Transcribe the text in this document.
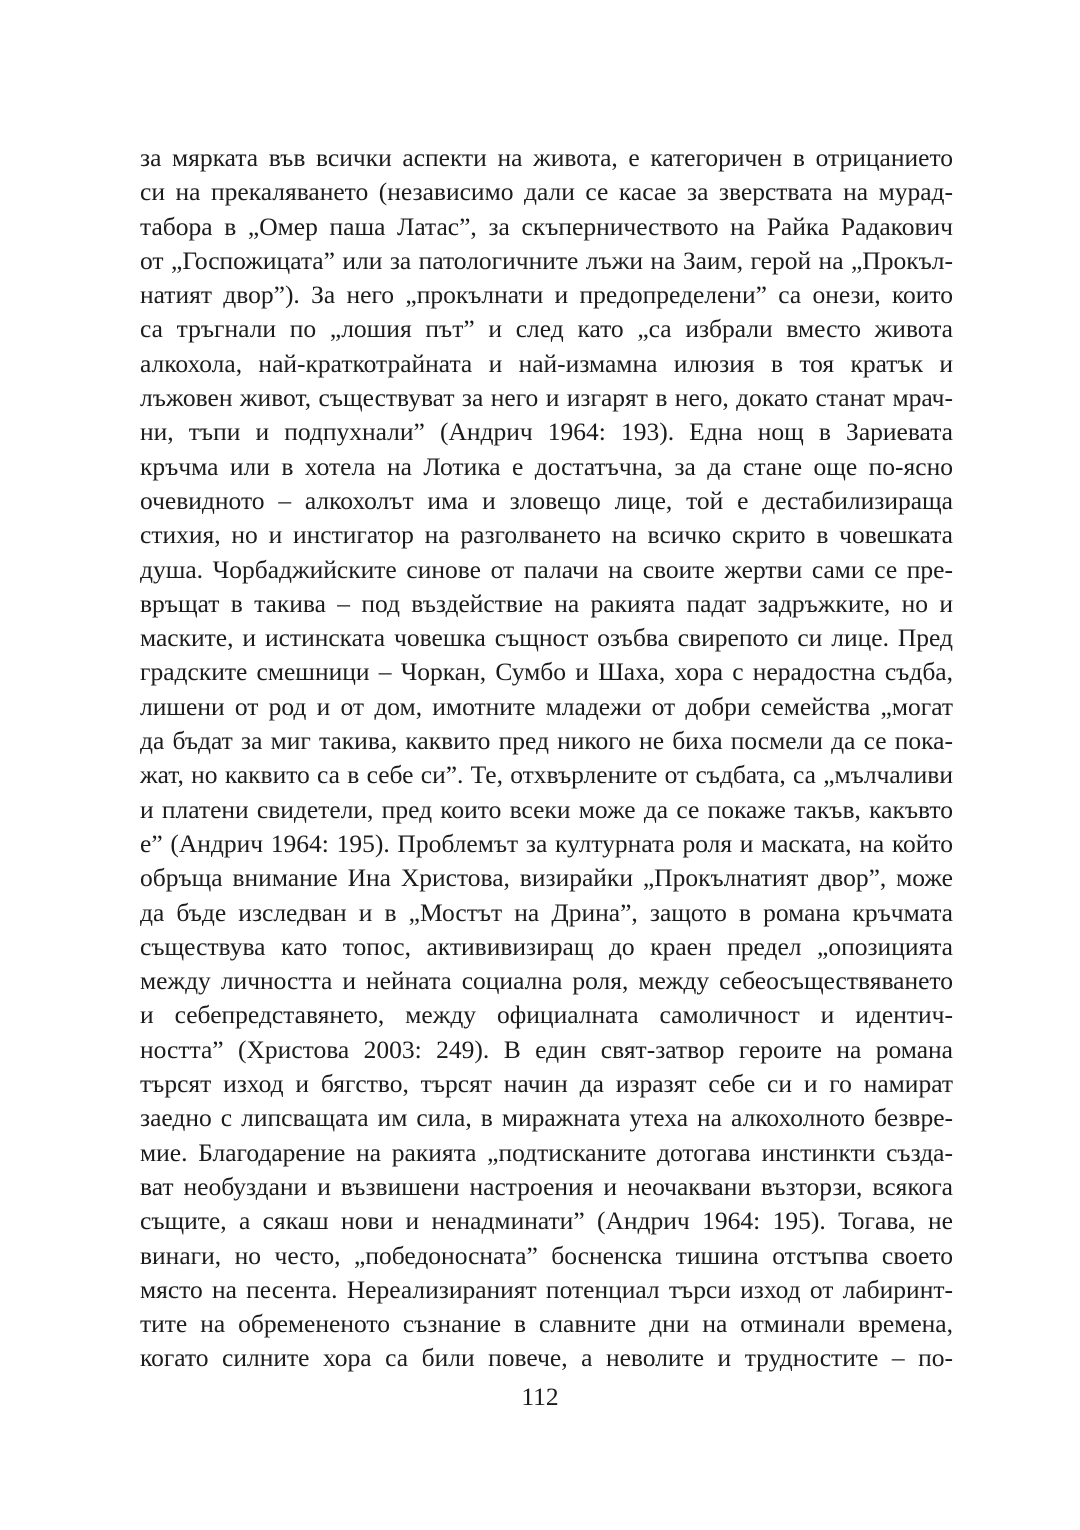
за мярката във всички аспекти на живота, е категоричен в отрицанието
си на прекаляването (независимо дали се касае за зверствата на мурад-
табора в „Омер паша Латас”, за скъперничеството на Райка Радакович
от „Госпожицата” или за патологичните лъжи на Заим, герой на „Прокъл-
натият двор”). За него „прокълнати и предопределени” са онези, които
са тръгнали по „лошия път” и след като „са избрали вместо живота
алкохола, най-краткотрайната и най-измамна илюзия в тоя кратък и
лъжовен живот, съществуват за него и изгарят в него, докато станат мрач-
ни, тъпи и подпухнали” (Андрич 1964: 193). Една нощ в Зариевата
кръчма или в хотела на Лотика е достатъчна, за да стане още по-ясно
очевидното – алкохолът има и зловещо лице, той е дестабилизираща
стихия, но и инстигатор на разголването на всичко скрито в човешката
душа. Чорбаджийските синове от палачи на своите жертви сами се пре-
връщат в такива – под въздействие на ракията падат задръжките, но и
маските, и истинската човешка същност озъбва свирепото си лице. Пред
градските смешници – Чоркан, Сумбо и Шаха, хора с нерадостна съдба,
лишени от род и от дом, имотните младежи от добри семейства „могат
да бъдат за миг такива, каквито пред никого не биха посмели да се пока-
жат, но каквито са в себе си”. Те, отхвърлените от съдбата, са „мълчаливи
и платени свидетели, пред които всеки може да се покаже такъв, какъвто
е” (Андрич 1964: 195). Проблемът за културната роля и маската, на който
обръща внимание Ина Христова, визирайки „Прокълнатият двор”, може
да бъде изследван и в „Мостът на Дрина”, защото в романа кръчмата
съществува като топос, актививизиращ до краен предел „опозицията
между личността и нейната социална роля, между себеосъществяването
и себепредставянето, между официалната самоличност и идентич-
ността” (Христова 2003: 249). В един свят-затвор героите на романа
търсят изход и бягство, търсят начин да изразят себе си и го намират
заедно с липсващата им сила, в миражната утеха на алкохолното безвре-
мие. Благодарение на ракията „подтисканите дотогава инстинкти създа-
ват необуздани и възвишени настроения и неочаквани възторзи, всякога
същите, а сякаш нови и ненадминати” (Андрич 1964: 195). Тогава, не
винаги, но често, „победоносната” босненска тишина отстъпва своето
място на песента. Нереализираният потенциал търси изход от лабиринт-
тите на обремененото съзнание в славните дни на отминали времена,
когато силните хора са били повече, а неволите и трудностите – по-
112
